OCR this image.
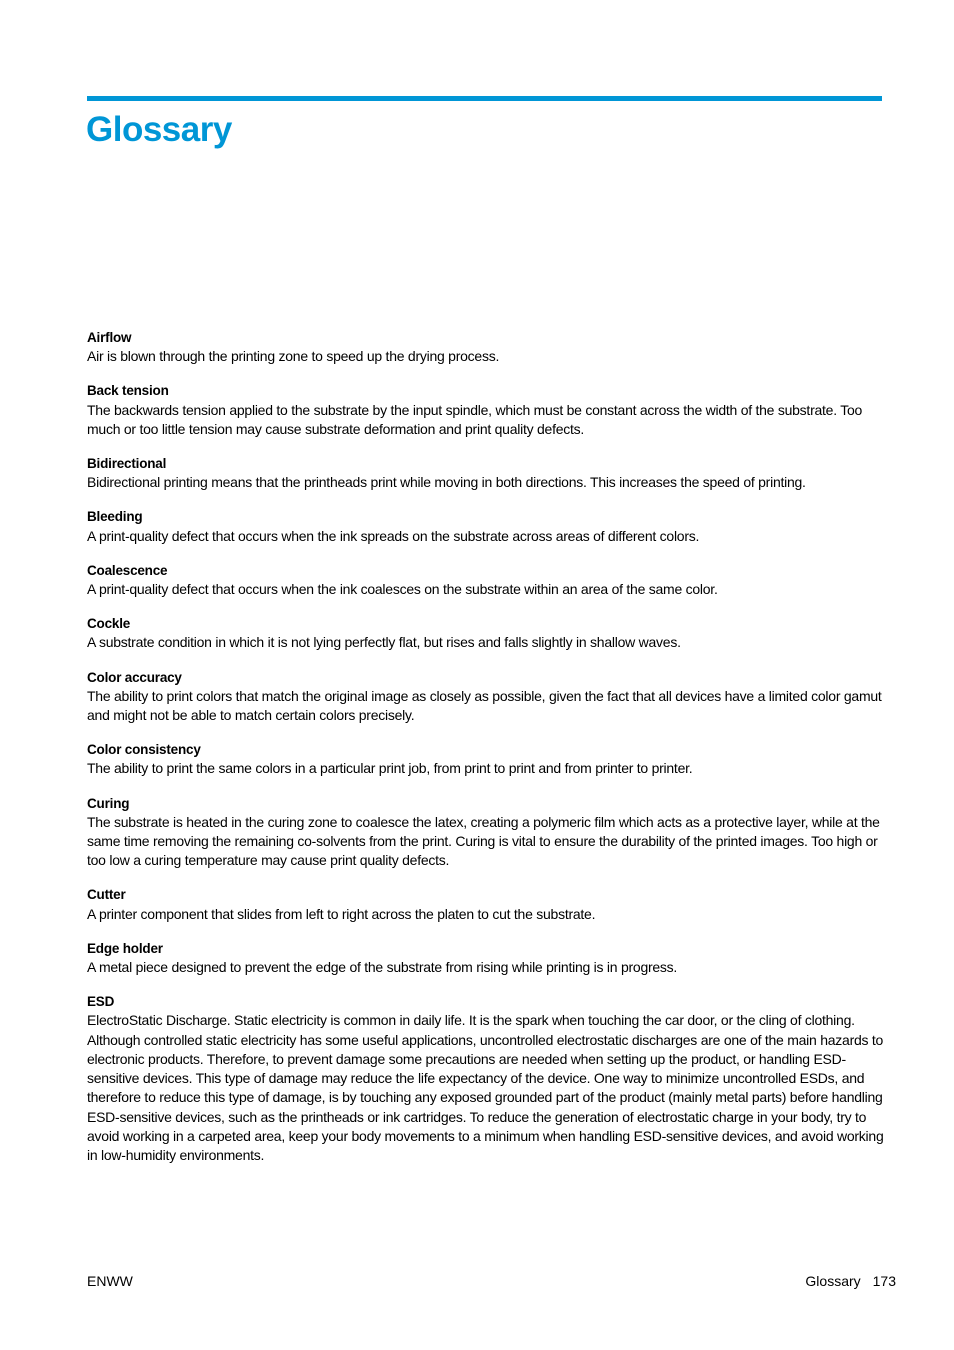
Glossary

Airflow

Air is blown through the printing zone to speed up the drying process.

Back tension

The backwards tension applied to the substrate by the input spindle, which must be constant across the width of the substrate. Too much or too little tension may cause substrate deformation and print quality defects.

Bidirectional

Bidirectional printing means that the printheads print while moving in both directions. This increases the speed of printing.

Bleeding

A print-quality defect that occurs when the ink spreads on the substrate across areas of different colors.

Coalescence

A print-quality defect that occurs when the ink coalesces on the substrate within an area of the same color.

Cockle

A substrate condition in which it is not lying perfectly flat, but rises and falls slightly in shallow waves.

Color accuracy

The ability to print colors that match the original image as closely as possible, given the fact that all devices have a limited color gamut and might not be able to match certain colors precisely.

Color consistency

The ability to print the same colors in a particular print job, from print to print and from printer to printer.

Curing

The substrate is heated in the curing zone to coalesce the latex, creating a polymeric film which acts as a protective layer, while at the same time removing the remaining co-solvents from the print. Curing is vital to ensure the durability of the printed images. Too high or too low a curing temperature may cause print quality defects.

Cutter

A printer component that slides from left to right across the platen to cut the substrate.

Edge holder

A metal piece designed to prevent the edge of the substrate from rising while printing is in progress.

ESD

ElectroStatic Discharge. Static electricity is common in daily life. It is the spark when touching the car door, or the cling of clothing. Although controlled static electricity has some useful applications, uncontrolled electrostatic discharges are one of the main hazards to electronic products. Therefore, to prevent damage some precautions are needed when setting up the product, or handling ESD-sensitive devices. This type of damage may reduce the life expectancy of the device. One way to minimize uncontrolled ESDs, and therefore to reduce this type of damage, is by touching any exposed grounded part of the product (mainly metal parts) before handling ESD-sensitive devices, such as the printheads or ink cartridges. To reduce the generation of electrostatic charge in your body, try to avoid working in a carpeted area, keep your body movements to a minimum when handling ESD-sensitive devices, and avoid working in low-humidity environments.

ENWW	Glossary 173
